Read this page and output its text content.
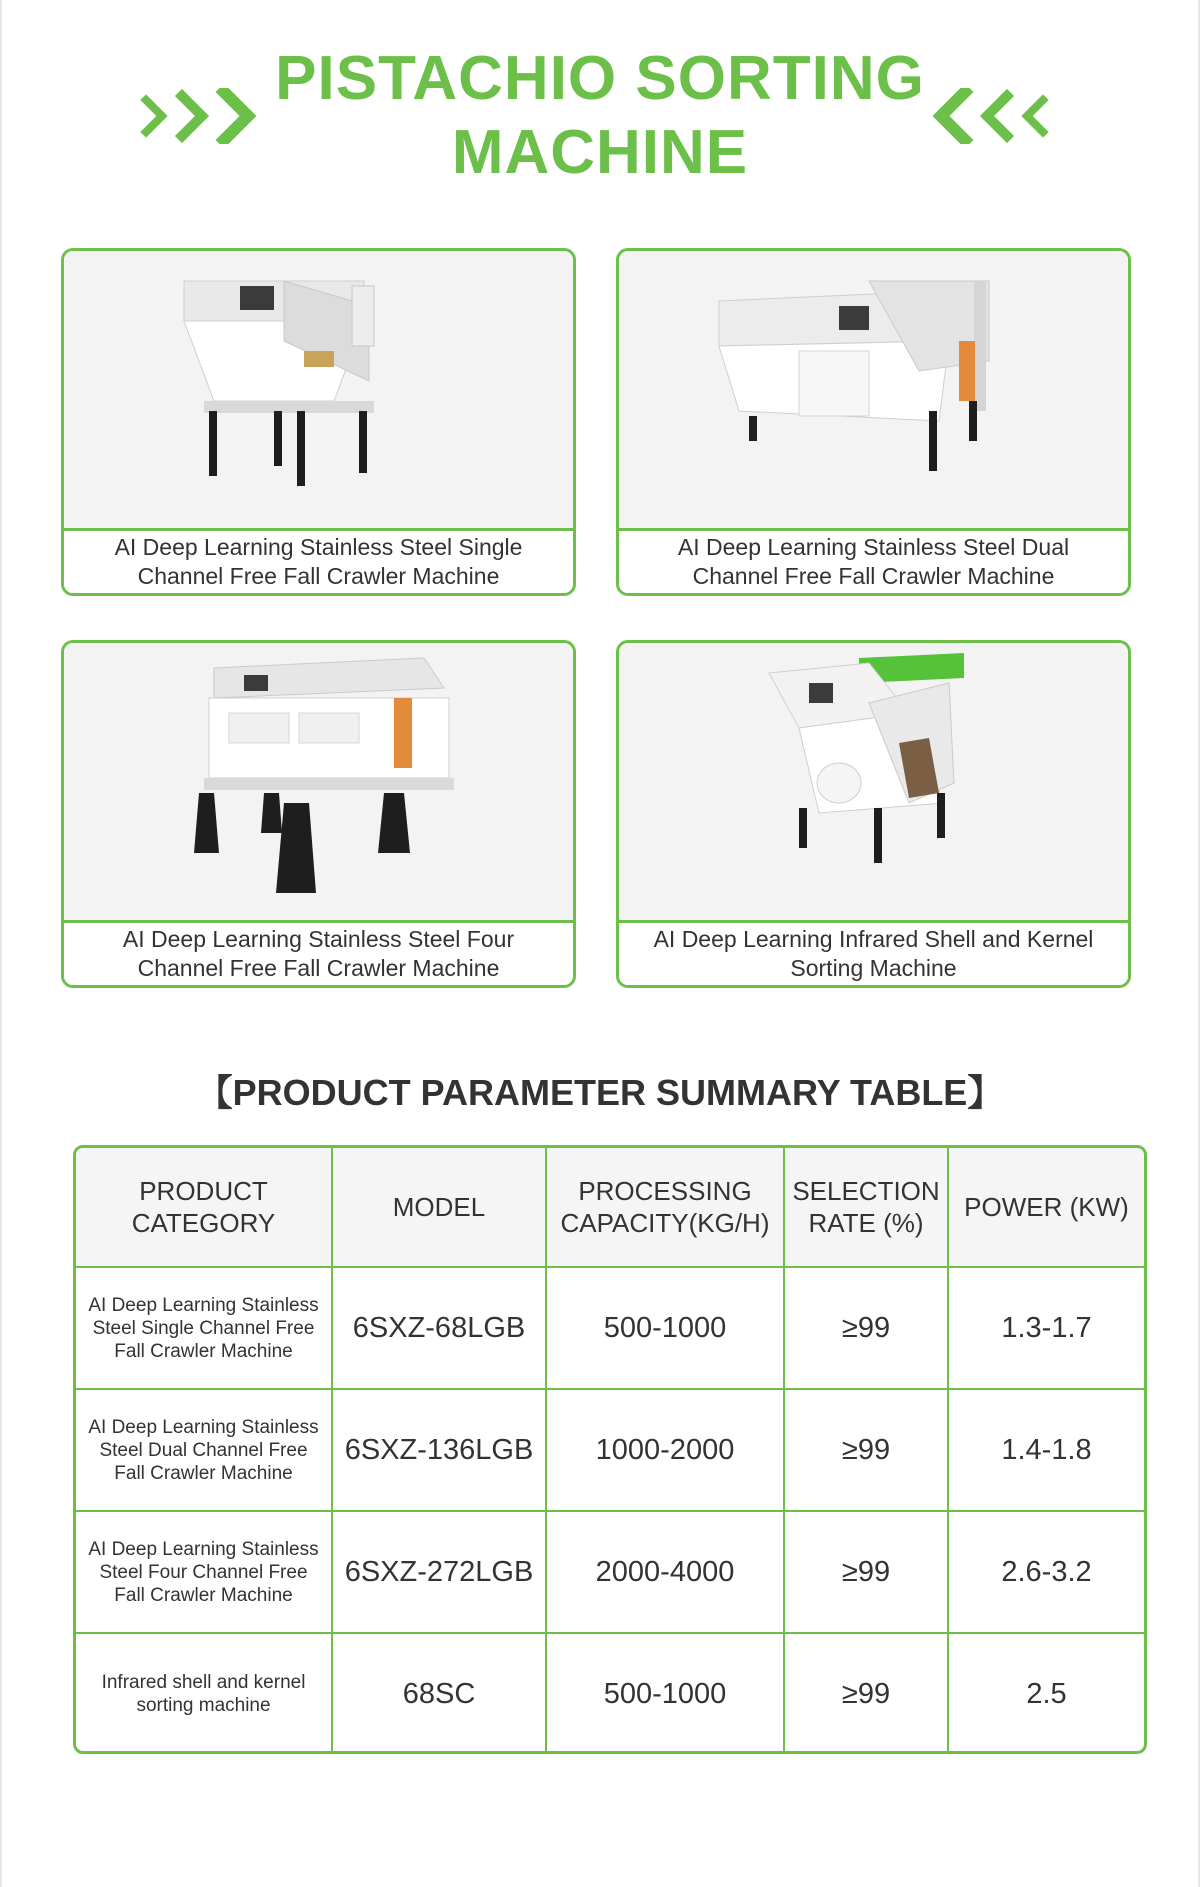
PISTACHIO SORTING
MACHINE
AI Deep Learning Stainless Steel Single Channel Free Fall Crawler Machine
AI Deep Learning Stainless Steel Dual Channel Free Fall Crawler Machine
AI Deep Learning Stainless Steel Four Channel Free Fall Crawler Machine
AI Deep Learning Infrared Shell and Kernel Sorting Machine
【PRODUCT PARAMETER SUMMARY TABLE】
PRODUCT CATEGORY	MODEL	PROCESSING CAPACITY(KG/H)	SELECTION RATE (%)	POWER (KW)
AI Deep Learning Stainless Steel Single Channel Free Fall Crawler Machine	6SXZ-68LGB	500-1000	≥99	1.3-1.7
AI Deep Learning Stainless Steel Dual Channel Free Fall Crawler Machine	6SXZ-136LGB	1000-2000	≥99	1.4-1.8
AI Deep Learning Stainless Steel Four Channel Free Fall Crawler Machine	6SXZ-272LGB	2000-4000	≥99	2.6-3.2
Infrared shell and kernel sorting machine	68SC	500-1000	≥99	2.5
